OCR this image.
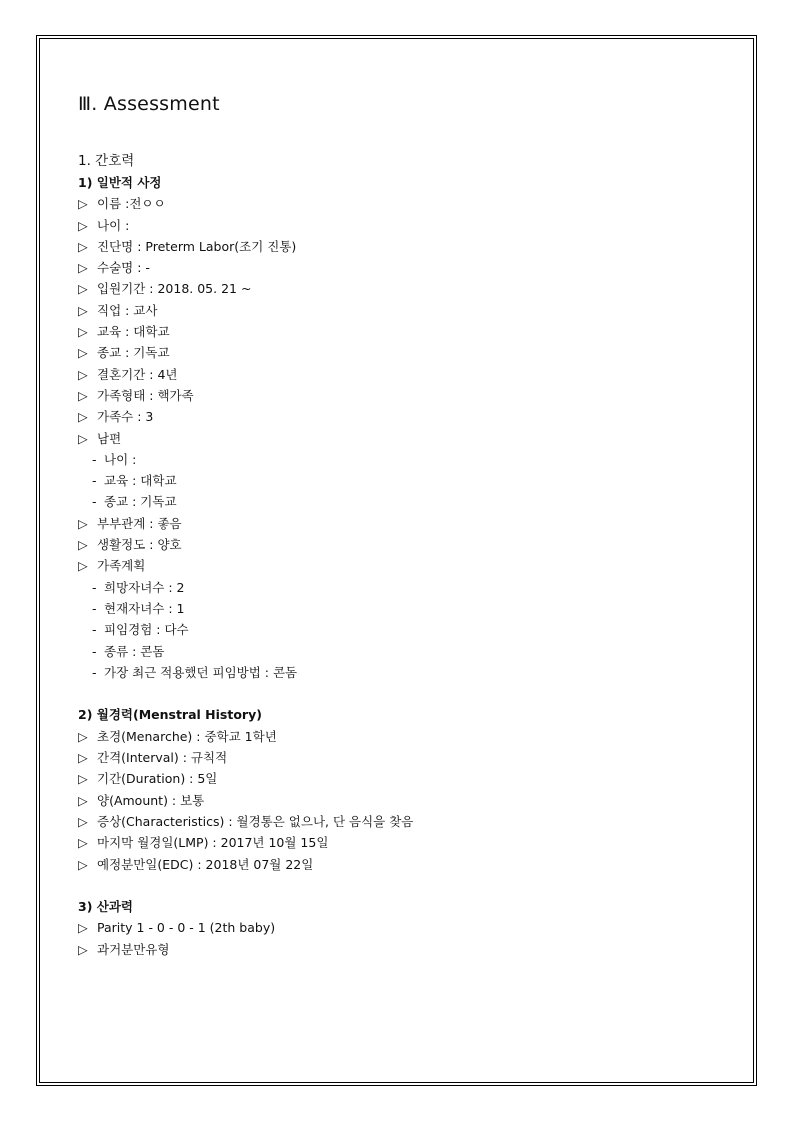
Ⅲ. Assessment
1. 간호력
1) 일반적 사정
▷ 이름 :전ㅇㅇ
▷ 나이 :
▷ 진단명 : Preterm Labor(조기 진통)
▷ 수술명 : -
▷ 입원기간 : 2018. 05. 21 ~
▷ 직업 : 교사
▷ 교육 : 대학교
▷ 종교 : 기독교
▷ 결혼기간 : 4년
▷ 가족형태 : 핵가족
▷ 가족수 : 3
▷ 남편
- 나이 :
- 교육 : 대학교
- 종교 : 기독교
▷ 부부관계 : 좋음
▷ 생활정도 : 양호
▷ 가족계획
- 희망자녀수 : 2
- 현재자녀수 : 1
- 피임경험 : 다수
- 종류 : 콘돔
- 가장 최근 적용했던 피임방법 : 콘돔
2) 월경력(Menstral History)
▷ 초경(Menarche) : 중학교 1학년
▷ 간격(Interval) : 규칙적
▷ 기간(Duration) : 5일
▷ 양(Amount) : 보통
▷ 증상(Characteristics) : 월경통은 없으나, 단 음식을 찾음
▷ 마지막 월경일(LMP) : 2017년 10월 15일
▷ 예정분만일(EDC) : 2018년 07월 22일
3) 산과력
▷ Parity 1 - 0 - 0 - 1 (2th baby)
▷ 과거분만유형
